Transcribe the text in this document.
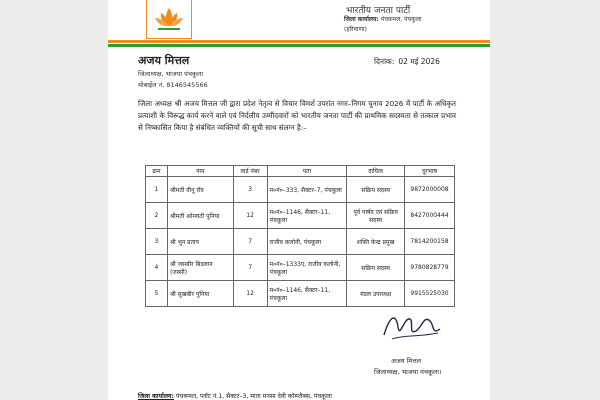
भारतीय जनता पार्टी
जिला कार्यालय: पंचकमल, पंचकुला
(हरियाणा)
अजय मित्तल
जिलाध्यक्ष, भाजपा पंचकुला
मोबाईल नं. 8146545566
दिनांक: 02 मई 2026
जिला अध्यक्ष श्री अजय मित्तल जी द्वारा प्रदेश नेतृत्व से विचार विमर्श उपरांत नगर–निगम चुनाव 2026 में पार्टी के अधिकृत प्रत्याशी के विरूद्ध कार्य करने वाले एवं निर्दलीय उम्मीदवारों को भारतीय जनता पार्टी की प्राथमिक सदस्यता से तत्काल प्रभाव से निष्कासित किया है संबंधित व्यक्तियों की सूची साथ संलग्न है:–
क्रम	नाम	वार्ड नंबर	पता	दायित्व	दूरभाष
1	श्रीमती वीनू रॉव	3	म०नं०–333, सैक्टर–7, पंचकूला	सक्रिय सदस्य	9872000008
2	श्रीमती ओमवती पुनिया	12	म०नं०–1146, सैक्टर–11, पंचकूला	पूर्व पार्षद एवं सक्रिय सदस्य	8427000444
3	श्री भुन प्रताप	7	राजीव कलोनी, पंचकूला	शक्ति केन्द्र प्रमुख	7814200158
4	श्री जसबीर बिडलान (जस्सी)	7	म०नं०–1333ए, राजीव कलोनी, पंचकूला	सक्रिय सदस्य	9780828779
5	श्री सुखबीर पुनिया	12	म०नं०–1146, सैक्टर–11, पंचकूला	मंडल उपाध्यक्ष	9915525030
अजय मित्तल
जिलाध्यक्ष, भाजपा पंचकूला।
जिला कार्यालय: पंचकमल, प्लॉट नं.1, सैक्टर–3, माता मनसा देवी कॉम्प्लैक्स, पंचकूला
